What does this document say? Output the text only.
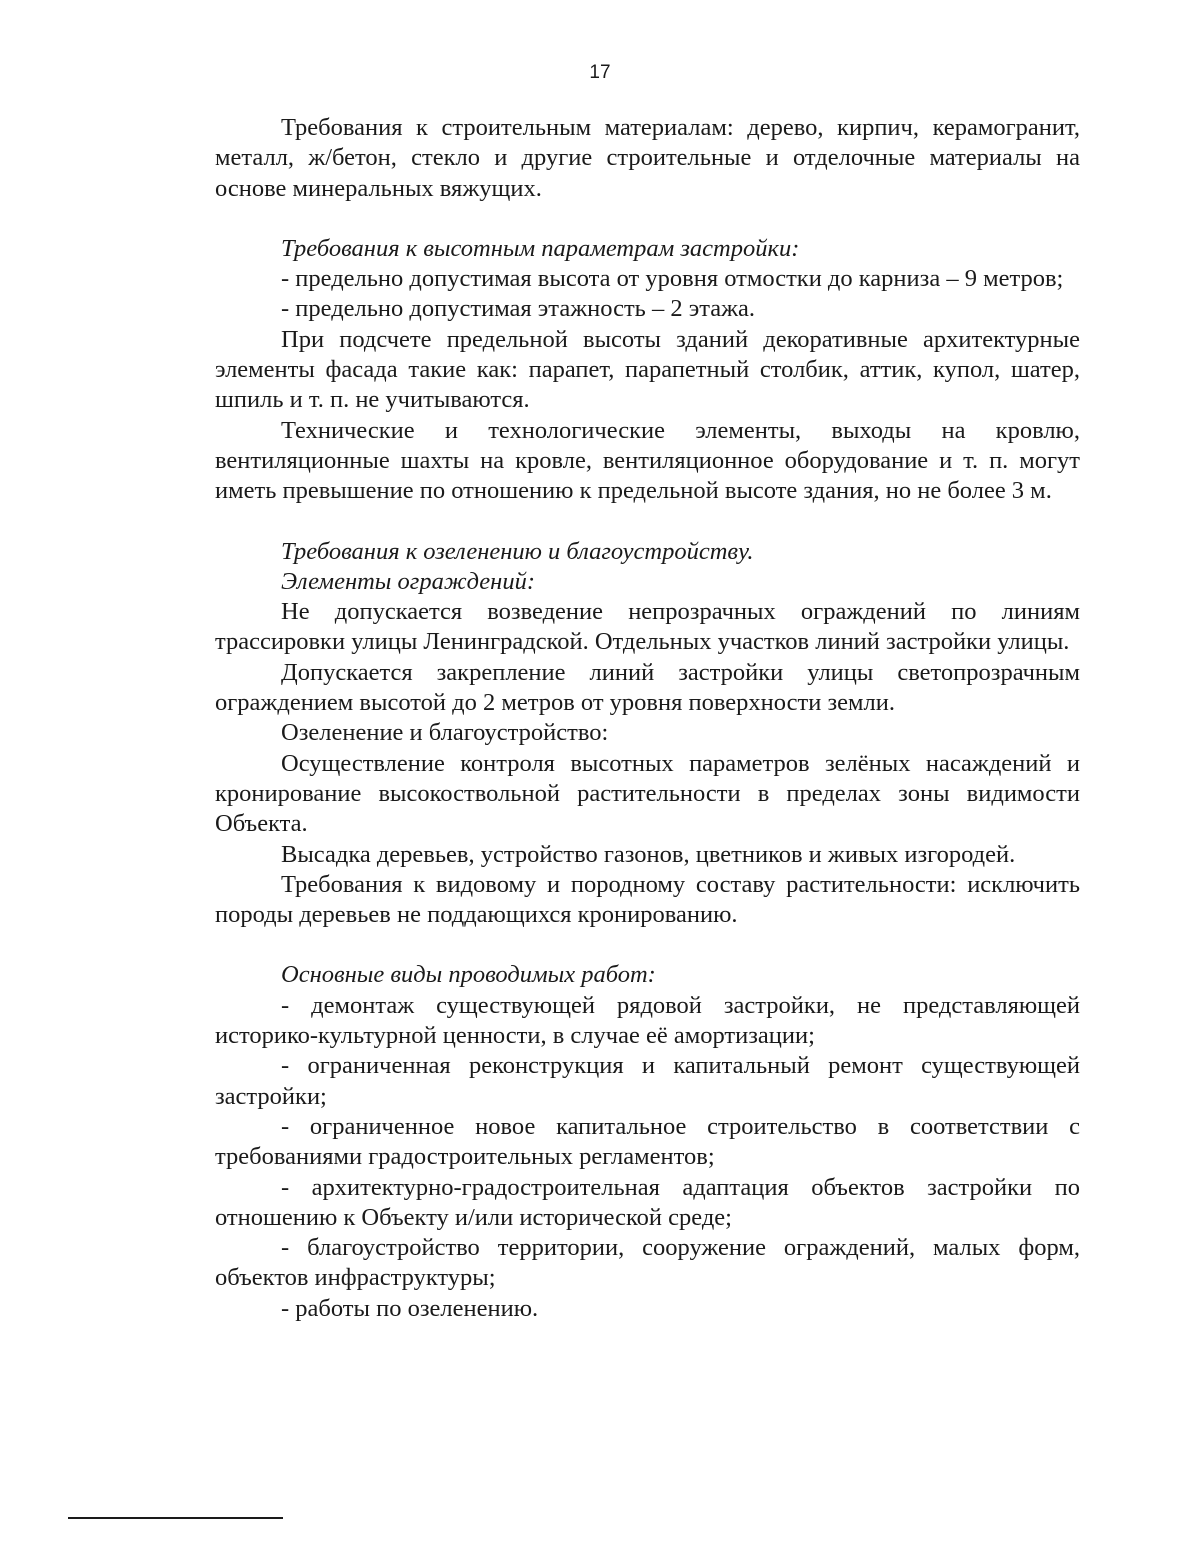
17

Требования к строительным материалам: дерево, кирпич, керамогранит, металл, ж/бетон, стекло и другие строительные и отделочные материалы на основе минеральных вяжущих.

Требования к высотным параметрам застройки:

- предельно допустимая высота от уровня отмостки до карниза – 9 метров;

- предельно допустимая этажность – 2 этажа.

При подсчете предельной высоты зданий декоративные архитектурные элементы фасада такие как: парапет, парапетный столбик, аттик, купол, шатер, шпиль и т. п. не учитываются.

Технические и технологические элементы, выходы на кровлю, вентиляционные шахты на кровле, вентиляционное оборудование и т. п. могут иметь превышение по отношению к предельной высоте здания, но не более 3 м.

Требования к озеленению и благоустройству.

Элементы ограждений:

Не допускается возведение непрозрачных ограждений по линиям трассировки улицы Ленинградской. Отдельных участков линий застройки улицы.

Допускается закрепление линий застройки улицы светопрозрачным ограждением высотой до 2 метров от уровня поверхности земли.

Озеленение и благоустройство:

Осуществление контроля высотных параметров зелёных насаждений и кронирование высокоствольной растительности в пределах зоны видимости Объекта.

Высадка деревьев, устройство газонов, цветников и живых изгородей.

Требования к видовому и породному составу растительности: исключить породы деревьев не поддающихся кронированию.

Основные виды проводимых работ:

- демонтаж существующей рядовой застройки, не представляющей историко-культурной ценности, в случае её амортизации;

- ограниченная реконструкция и капитальный ремонт существующей застройки;

- ограниченное новое капитальное строительство в соответствии с требованиями градостроительных регламентов;

- архитектурно-градостроительная адаптация объектов застройки по отношению к Объекту и/или исторической среде;

- благоустройство территории, сооружение ограждений, малых форм, объектов инфраструктуры;

- работы по озеленению.
